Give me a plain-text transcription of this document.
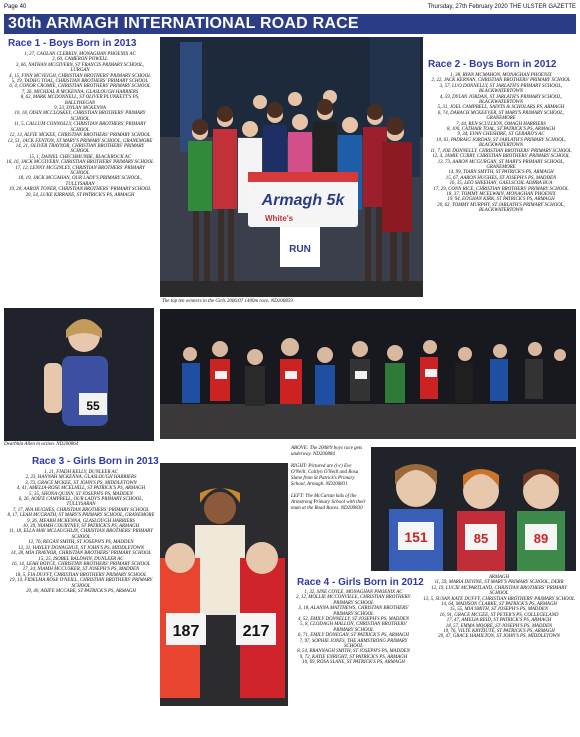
Page 40	Thursday, 27th February 2020 THE ULSTER GAZETTE
30th ARMAGH INTERNATIONAL ROAD RACE
Race 1 - Boys Born in 2013
1, 27, CAOLAN CLERKIN, MONAGHAN PHOENIX AC
2, 60, CAMERON POWELL
3, 66, NATHAN MCGIVERN, ST FRANCIS PRIMARY SCHOOL, LURGAN
4, 15, FINN MCVEIGH, CHRISTIAN BROTHERS' PRIMARY SCHOOL
5, 19, TADHG TOAL, CHRISTIAN BROTHERS' PRIMARY SCHOOL
6, 4, CONOR CROMIE, CHRISTIAN BROTHERS' PRIMARY SCHOOL
7, 26, MICHEAL B MCKENNA, GLASLOUGH HARRIERS
8, 62, MARK MCDONNELL, ST OLIVER PLUNKETT'S PS, BALLYHEGAN
9, 33, DYLAN MCKENNA
10, 18, OISIN MCCLOSKEY, CHRISTIAN BROTHERS' PRIMARY SCHOOL
11, 5, CALLUM CONNOLLY, CHRISTIAN BROTHERS' PRIMARY SCHOOL
12, 13, ALFIE MCKEE, CHRISTIAN BROTHERS' PRIMARY SCHOOL
13, 51, JACK FENTON, ST MARY'S PRIMARY SCHOOL, GRANEMORE
14, 21, OLIVER TRAYNOR, CHRISTIAN BROTHERS' PRIMARY SCHOOL
15, 1, DANIEL CHECHMUNBE, BLACKROCK AC
16, 16, JACK MCGIVERN, CHRISTIAN BROTHERS' PRIMARY SCHOOL
17, 12, LENNY MCGINLEY, CHRISTIAN BROTHERS' PRIMARY SCHOOL
18, 10, JACK MCGAHAN, OUR LADY'S PRIMARY SCHOOL, TULLYSARAN
19, 20, AARON TONER, CHRISTIAN BROTHERS' PRIMARY SCHOOL
20, 54, LUKE KIRRANE, ST PATRICK'S PS, ARMAGH	Armagh 5k
White's
RUN
The top ten winners in the Girls 2006/07 1400m race. ND200859
Race 2 - Boys Born in 2012
1, 38, RYAN MCMAHON, MONAGHAN PHOENIX
2, 22, JACK KERNAN, CHRISTIAN BROTHERS' PRIMARY SCHOOL
3, 57, LUO DONNELLY, ST JARLATH'S PRIMARY SCHOOL, BLACKWATERTOWN
4, 59, DYLAN JORDAN, ST JARLATH'S PRIMARY SCHOOL, BLACKWATERTOWN
5, 31, JOEL CAMPBELL, SAINTS & SCHOLARS PS, ARMAGH
6, 74, DARACH MCKEEVER, ST MARY'S PRIMARY SCHOOL, GRANEMORE
7, 44, BEN SCULLION, OMAGH HARRIERS
8, 100, CATHAIR TOAL, ST PATRICK'S PS, ARMAGH
9, 34, EVAN CHESHIRE, ST GERARD'S AC
10, 61, PADRAIG JORDAN, ST JARLATH'S PRIMARY SCHOOL, BLACKWATERTOWN
11, 7, JOE DONNELLY, CHRISTIAN BROTHERS' PRIMARY SCHOOL
12, 4, JAMIE CURRY, CHRISTIAN BROTHERS' PRIMARY SCHOOL
13, 73, AARON MCGURGAN, ST MARY'S PRIMARY SCHOOL, GRANEMORE
14, 99, TIARN SMYTH, ST PATRICK'S PS, ARMAGH
15, 67, AARON HUGHES, ST JOSEPH'S PS, MADDEN
16, 35, LEO SHEEHAN, GAELSCOIL ADHBA BUA
17, 29, CONN RICE, CHRISTIAN BROTHERS' PRIMARY SCHOOL
18, 37, TOMMY MCELWAIN, MONAGHAN PHOENIX
19, 94, EOGHAN KIRK, ST PATRICK'S PS, ARMAGH
20, 63, TOMMY MURPHY, ST JARLATH'S PRIMARY SCHOOL, BLACKWATERTOWN
55
Dearbhla Allen in action. ND200864
Race 3 - Girls Born in 2013
1, 21, FIADH KELLY, DUNLEER AC
2, 23, HANNAH MCKENNA, GLASLOUGH HARRIERS
3, 73, GRACE MCKEE, ST JOHN'S PS, MIDDLETOWN
4, 41, AMELIA-ROSE MCELHILL, ST PATRICK'S PS, ARMAGH
5, 35, SHONA QUINN, ST JOSEPH'S PS, MADDEN
6, 26, AOIFE CAMPBELL, OUR LADY'S PRIMARY SCHOOL, TULLYSARAN
7, 17, AVA HUGHES, CHRISTIAN BROTHERS' PRIMARY SCHOOL
8, 17, LEAH MCGRATH, ST MARY'S PRIMARY SCHOOL, GRANEMORE
9, 26, MEABH MCKENNA, GLASLOUGH HARRIERS
10, 39, NIAMH COURTNEY, ST PATRICK'S PS, ARMAGH
11, 18, ELLA MAY MCLAUGHLIN, CHRISTIAN BROTHERS' PRIMARY SCHOOL
12, 76, REGAN SMITH, ST JOSEPH'S PS, MADDEN
13, 31, HAYLEY DONAGHUE, ST JOHN'S PS, MIDDLETOWN
14, 28, MIA TRAYNOR, CHRISTIAN BROTHERS' PRIMARY SCHOOL
15, 25, ISOBEL BALDWIN, DUNLEER AC
16, 14, LEAH BOYCE, CHRISTIAN BROTHERS' PRIMARY SCHOOL
17, 34, NIAMH MCCUSKER, ST JOSEPH'S PS, MADDEN
18, 5, FIA DUFFY, CHRISTIAN BROTHERS' PRIMARY SCHOOL
19, 14, FIDELMA ROSE O'NEILL, CHRISTIAN BROTHERS' PRIMARY SCHOOL
20, 40, AOIFE MCCABE, ST PATRICK'S PS, ARMAGH
ABOVE: The 2008/9 boys race gets underway. ND200884

RIGHT: Pictured are (l-r) Eve O'Neill, Caitlyn O'Neill and Rosa Slane from St Patrick's Primary School, Armagh. ND200831

LEFT: The McCartan kids of the Armstrong Primary School with their mum at the Road Races. ND200830
187	217
151	85	89
Race 4 - Girls Born in 2012
1, 32, SINE COYLE, MONAGHAN PHOENIX AC
2, 12, MOLLIE MCCONVILLE, CHRISTIAN BROTHERS' PRIMARY SCHOOL
3, 18, ALANNA MATTHEWS, CHRISTIAN BROTHERS' PRIMARY SCHOOL
4, 53, EMILY DONNELLY, ST JOSEPH'S PS, MADDEN
5, 8, CLODAGH MALLON, CHRISTIAN BROTHERS' PRIMARY SCHOOL
6, 71, EMILY DONEGAN, ST PATRICK'S PS, ARMAGH
7, 97, SOPHIE JONES, THE ARMSTRONG PRIMARY SCHOOL
8, 54, BRANNAGH SMITH, ST JOSEPH'S PS, MADDEN
9, 72, KATIE ENRIGHT, ST PATRICK'S PS, ARMAGH
10, 69, ROSA SLANE, ST PATRICK'S PS, ARMAGH
ARMAGH
11, 59, MARIA DEVINE, ST MARY'S PRIMARY SCHOOL, DERR
12, 19, LUCIE MCPARTLAND, CHRISTIAN BROTHERS' PRIMARY SCHOOL
13, 5, SUSAN KATE DUFFY, CHRISTIAN BROTHERS' PRIMARY SCHOOL
14, 64, MADISON CLARKE, ST PATRICK'S PS, ARMAGH
15, 55, MIA SMITH, ST JOSEPH'S PS, MADDEN
16, 91, GRACE MCGEE, ST PETER'S PS, COLLEGELAND
17, 47, AMELIA REID, ST PATRICK'S PS, ARMAGH
18, 57, EMMA MOORE, ST JOSEPH'S PS, MADDEN
19, 76, VILTĖ KRYŽIŪTĖ, ST PATRICK'S PS, ARMAGH
20, 47, GRACE HAMILTON, ST JOHN'S PS, MIDDLETOWN
